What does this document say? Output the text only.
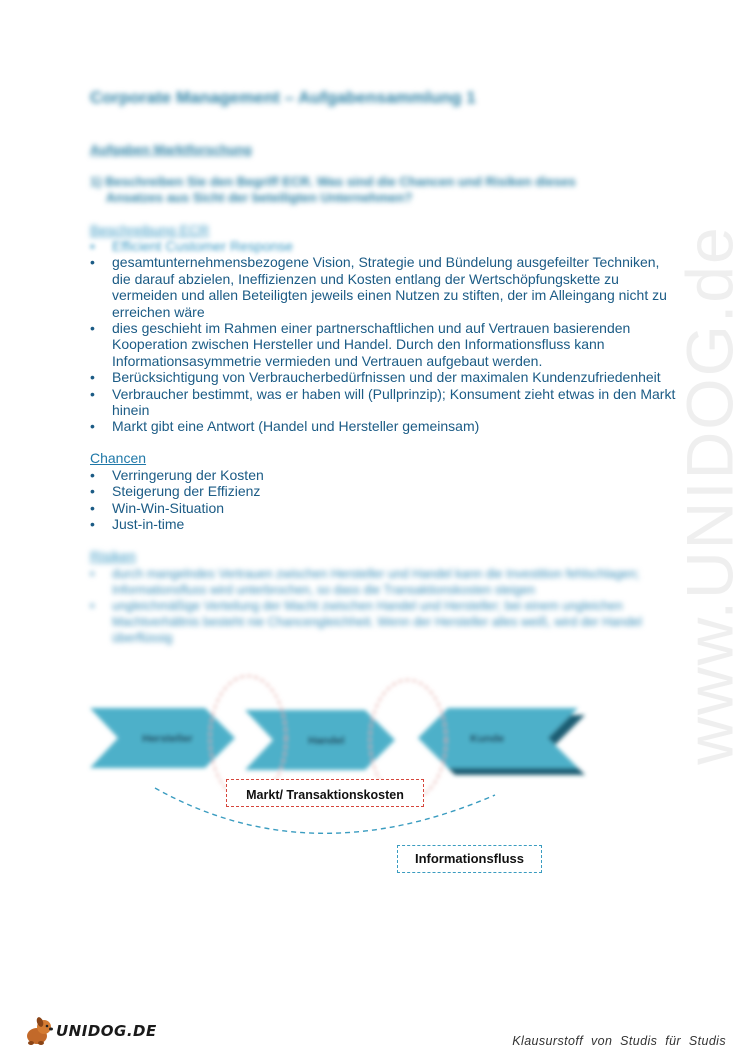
www.UNIDOG.de
Corporate Management – Aufgabensammlung 1
Aufgaben Marktforschung
1) Beschreiben Sie den Begriff ECR. Was sind die Chancen und Risiken dieses
Ansatzes aus Sicht der beteiligten Unternehmen?
Beschreibung ECR
• Efficient Customer Response
• gesamtunternehmensbezogene Vision, Strategie und Bündelung ausgefeilter Techniken, die darauf abzielen, Ineffizienzen und Kosten entlang der Wertschöpfungskette zu vermeiden und allen Beteiligten jeweils einen Nutzen zu stiften, der im Alleingang nicht zu erreichen wäre
• dies geschieht im Rahmen einer partnerschaftlichen und auf Vertrauen basierenden Kooperation zwischen Hersteller und Handel. Durch den Informationsfluss kann Informationsasymmetrie vermieden und Vertrauen aufgebaut werden.
• Berücksichtigung von Verbraucherbedürfnissen und der maximalen Kundenzufriedenheit
• Verbraucher bestimmt, was er haben will (Pullprinzip); Konsument zieht etwas in den Markt hinein
• Markt gibt eine Antwort (Handel und Hersteller gemeinsam)
Chancen
• Verringerung der Kosten
• Steigerung der Effizienz
• Win-Win-Situation
• Just-in-time
Risiken
• durch mangelndes Vertrauen zwischen Hersteller und Handel kann die Investition fehlschlagen; Informationsfluss wird unterbrochen, so dass die Transaktionskosten steigen
• ungleichmäßige Verteilung der Macht zwischen Handel und Hersteller; bei einem ungleichen Machtverhältnis besteht nie Chancengleichheit. Wenn der Hersteller alles weiß, wird der Handel überflüssig
Hersteller	Handel	Kunde
Markt/ Transaktionskosten
Informationsfluss
UNIDOG.DE
Klausurstoff von Studis für Studis
